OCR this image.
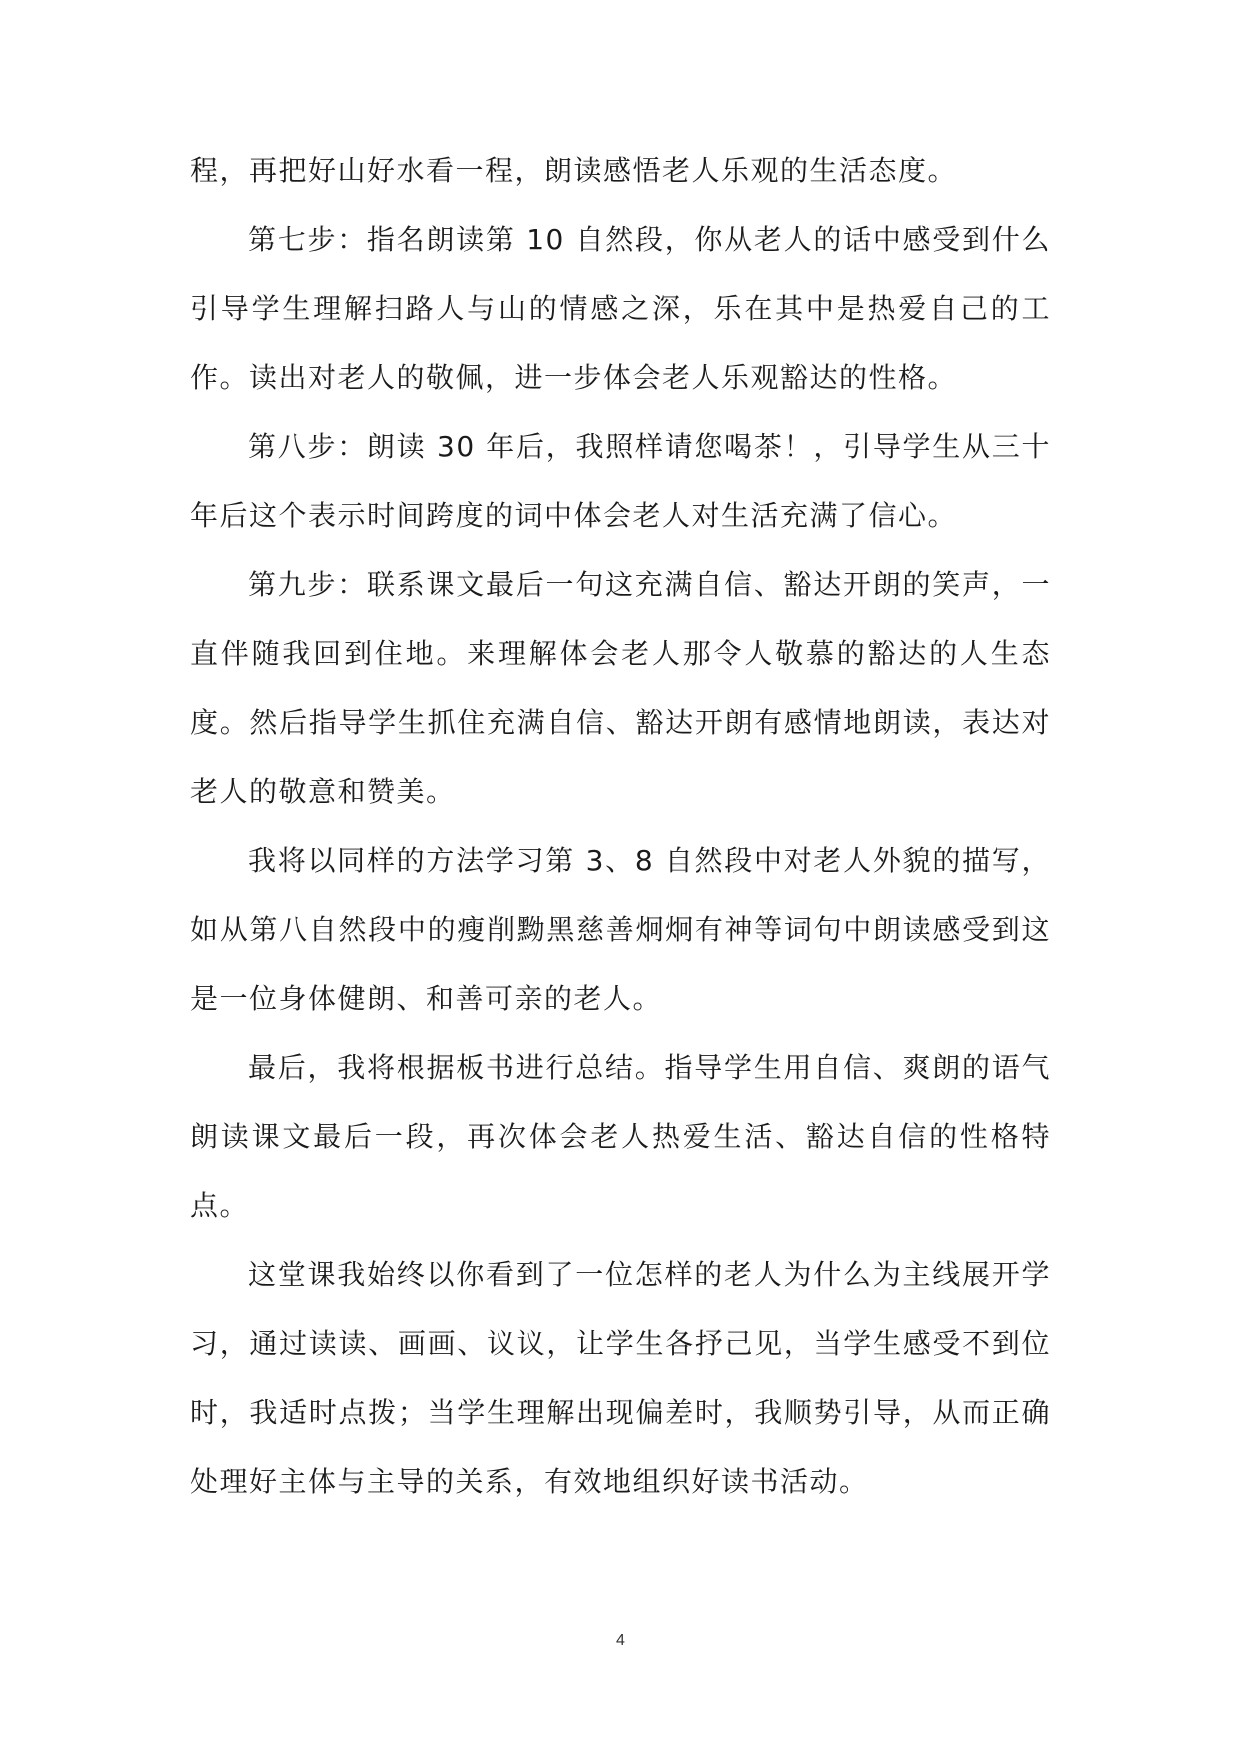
程，再把好山好水看一程，朗读感悟老人乐观的生活态度。

第七步：指名朗读第 10 自然段，你从老人的话中感受到什么引导学生理解扫路人与山的情感之深，乐在其中是热爱自己的工作。读出对老人的敬佩，进一步体会老人乐观豁达的性格。

第八步：朗读 30 年后，我照样请您喝茶！，引导学生从三十年后这个表示时间跨度的词中体会老人对生活充满了信心。

第九步：联系课文最后一句这充满自信、豁达开朗的笑声，一直伴随我回到住地。来理解体会老人那令人敬慕的豁达的人生态度。然后指导学生抓住充满自信、豁达开朗有感情地朗读，表达对老人的敬意和赞美。

我将以同样的方法学习第 3、8 自然段中对老人外貌的描写，如从第八自然段中的瘦削黝黑慈善炯炯有神等词句中朗读感受到这是一位身体健朗、和善可亲的老人。

最后，我将根据板书进行总结。指导学生用自信、爽朗的语气朗读课文最后一段，再次体会老人热爱生活、豁达自信的性格特点。

这堂课我始终以你看到了一位怎样的老人为什么为主线展开学习，通过读读、画画、议议，让学生各抒己见，当学生感受不到位时，我适时点拨；当学生理解出现偏差时，我顺势引导，从而正确处理好主体与主导的关系，有效地组织好读书活动。

4
